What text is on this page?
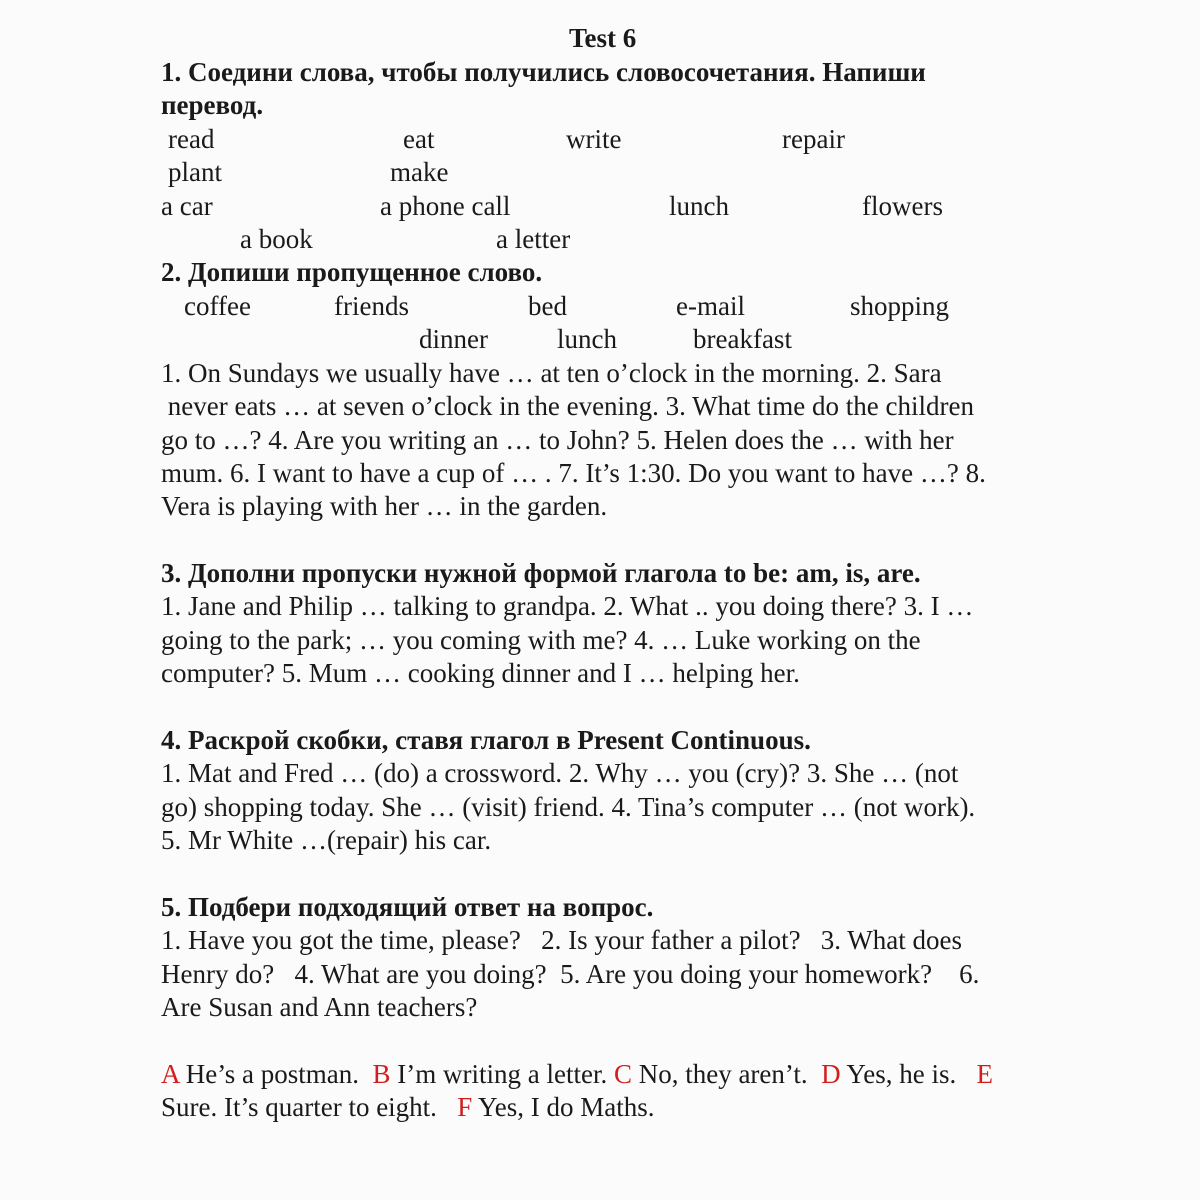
Test 6
1. Соедини слова, чтобы получились словосочетания. Напиши
перевод.
read	eat	write	repair
plant	make
a car	a phone call	lunch	flowers
a book	a letter
2. Допиши пропущенное слово.
coffee	friends	bed	e-mail	shopping
dinner	lunch	breakfast
1. On Sundays we usually have … at ten o’clock in the morning. 2. Sara
never eats … at seven o’clock in the evening. 3. What time do the children
go to …? 4. Are you writing an … to John? 5. Helen does the … with her
mum. 6. I want to have a cup of … . 7. It’s 1:30. Do you want to have …? 8.
Vera is playing with her … in the garden.
3. Дополни пропуски нужной формой глагола to be: am, is, are.
1. Jane and Philip … talking to grandpa. 2. What .. you doing there? 3. I …
going to the park; … you coming with me? 4. … Luke working on the
computer? 5. Mum … cooking dinner and I … helping her.
4. Раскрой скобки, ставя глагол в Present Continuous.
1. Mat and Fred … (do) a crossword. 2. Why … you (cry)? 3. She … (not
go) shopping today. She … (visit) friend. 4. Tina’s computer … (not work).
5. Mr White …(repair) his car.
5. Подбери подходящий ответ на вопрос.
1. Have you got the time, please?   2. Is your father a pilot?   3. What does
Henry do?   4. What are you doing?  5. Are you doing your homework?    6.
Are Susan and Ann teachers?
A He’s a postman.  B I’m writing a letter. C No, they aren’t.  D Yes, he is.   E
Sure. It’s quarter to eight.   F Yes, I do Maths.
